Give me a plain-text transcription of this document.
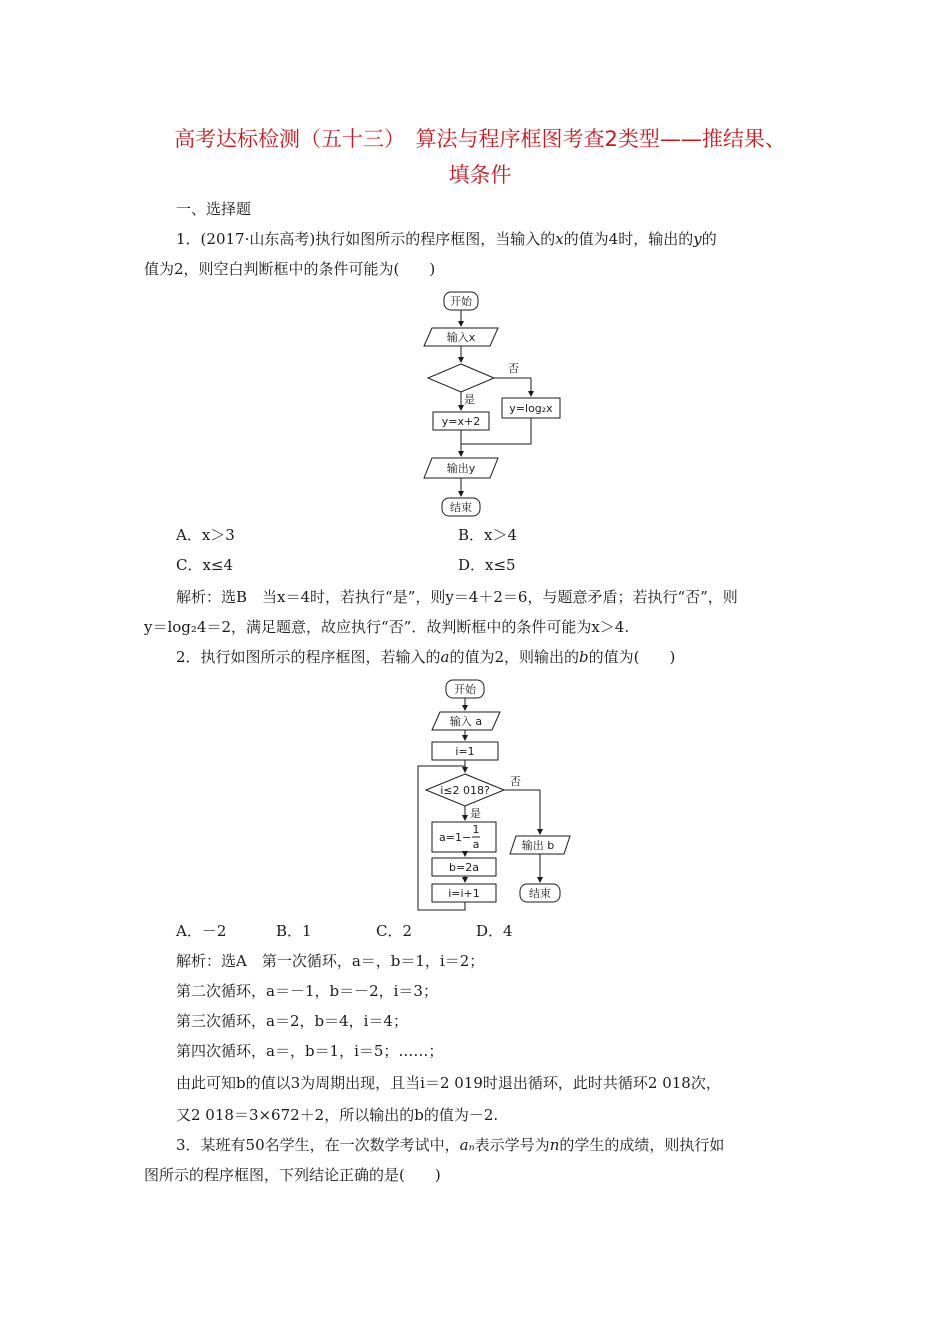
高考达标检测（五十三）　算法与程序框图考查2类型——推结果、
填条件
一、选择题
1．(2017·山东高考)执行如图所示的程序框图，当输入的x的值为4时，输出的y的
值为2，则空白判断框中的条件可能为( )
开始
输入x
否
是
y=x+2
y=log₂x
输出y
结束
A．x＞3	B．x＞4
C．x≤4	D．x≤5
解析：选B　当x＝4时，若执行“是”，则y＝4＋2＝6，与题意矛盾；若执行“否”，则
y＝log₂4＝2，满足题意，故应执行“否”．故判断框中的条件可能为x＞4.
2．执行如图所示的程序框图，若输入的a的值为2，则输出的b的值为( )
开始
输入 a
i=1
i≤2 018?
否
是
a=1−
1
a
b=2a
i=i+1
输出 b
结束
A．－2	B．1	C．2	D．4
解析：选A　第一次循环，a＝，b＝1，i＝2；
第二次循环，a＝－1，b＝－2，i＝3；
第三次循环，a＝2，b＝4，i＝4；
第四次循环，a＝，b＝1，i＝5；……；
由此可知b的值以3为周期出现，且当i＝2 019时退出循环，此时共循环2 018次，
又2 018＝3×672＋2，所以输出的b的值为－2.
3．某班有50名学生，在一次数学考试中，aₙ表示学号为n的学生的成绩，则执行如
图所示的程序框图，下列结论正确的是( )
